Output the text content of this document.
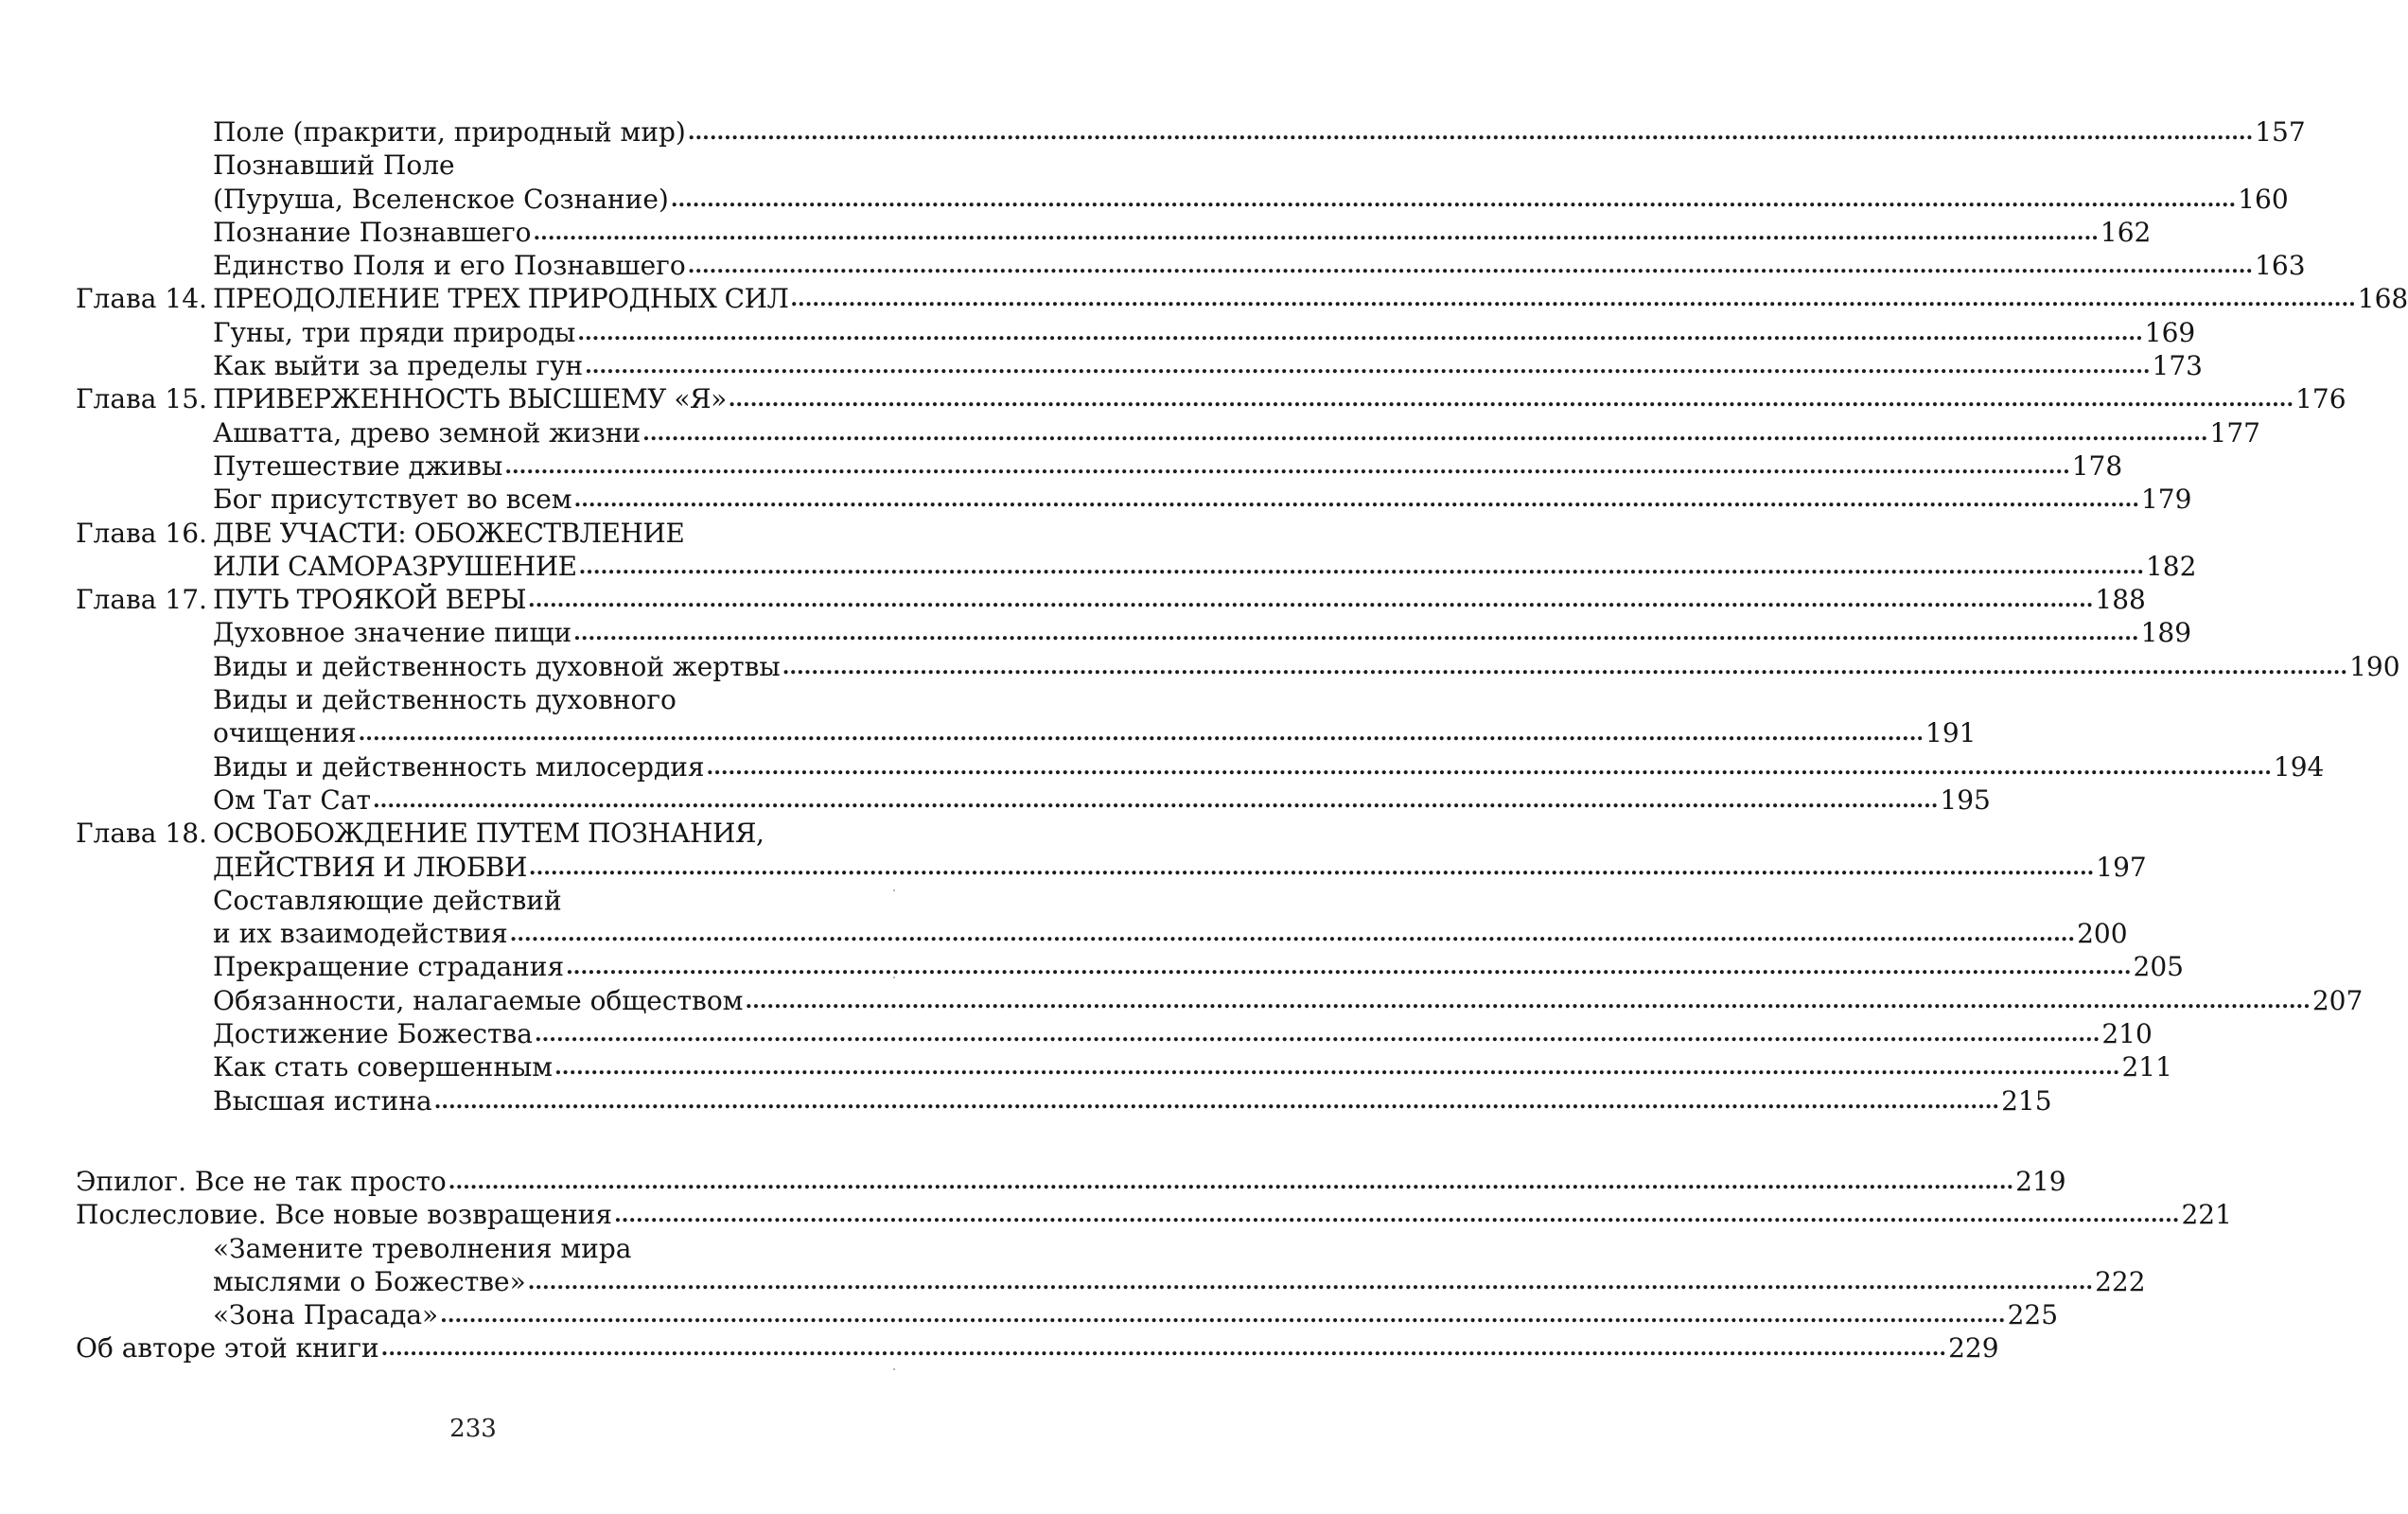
Поле (пракрити, природный мир) .....	157
Познавший Поле
(Пуруша, Вселенское Сознание) .....	160
Познание Познавшего .....	162
Единство Поля и его Познавшего .....	163
Глава 14. ПРЕОДОЛЕНИЕ ТРЕХ ПРИРОДНЫХ СИЛ .....	168
Гуны, три пряди природы .....	169
Как выйти за пределы гун .....	173
Глава 15. ПРИВЕРЖЕННОСТЬ ВЫСШЕМУ «Я» .....	176
Ашватта, древо земной жизни .....	177
Путешествие дживы .....	178
Бог присутствует во всем .....	179
Глава 16. ДВЕ УЧАСТИ: ОБОЖЕСТВЛЕНИЕ
ИЛИ САМОРАЗРУШЕНИЕ .....	182
Глава 17. ПУТЬ ТРОЯКОЙ ВЕРЫ .....	188
Духовное значение пищи .....	189
Виды и действенность духовной жертвы .....	190
Виды и действенность духовного
очищения .....	191
Виды и действенность милосердия .....	194
Ом Тат Сат .....	195
Глава 18. ОСВОБОЖДЕНИЕ ПУТЕМ ПОЗНАНИЯ,
ДЕЙСТВИЯ И ЛЮБВИ .....	197
Составляющие действий
и их взаимодействия .....	200
Прекращение страдания .....	205
Обязанности, налагаемые обществом .....	207
Достижение Божества .....	210
Как стать совершенным .....	211
Высшая истина .....	215
Эпилог. Все не так просто .....	219
Послесловие. Все новые возвращения .....	221
«Замените треволнения мира
мыслями о Божестве» .....	222
«Зона Прасада» .....	225
Об авторе этой книги .....	229
233
